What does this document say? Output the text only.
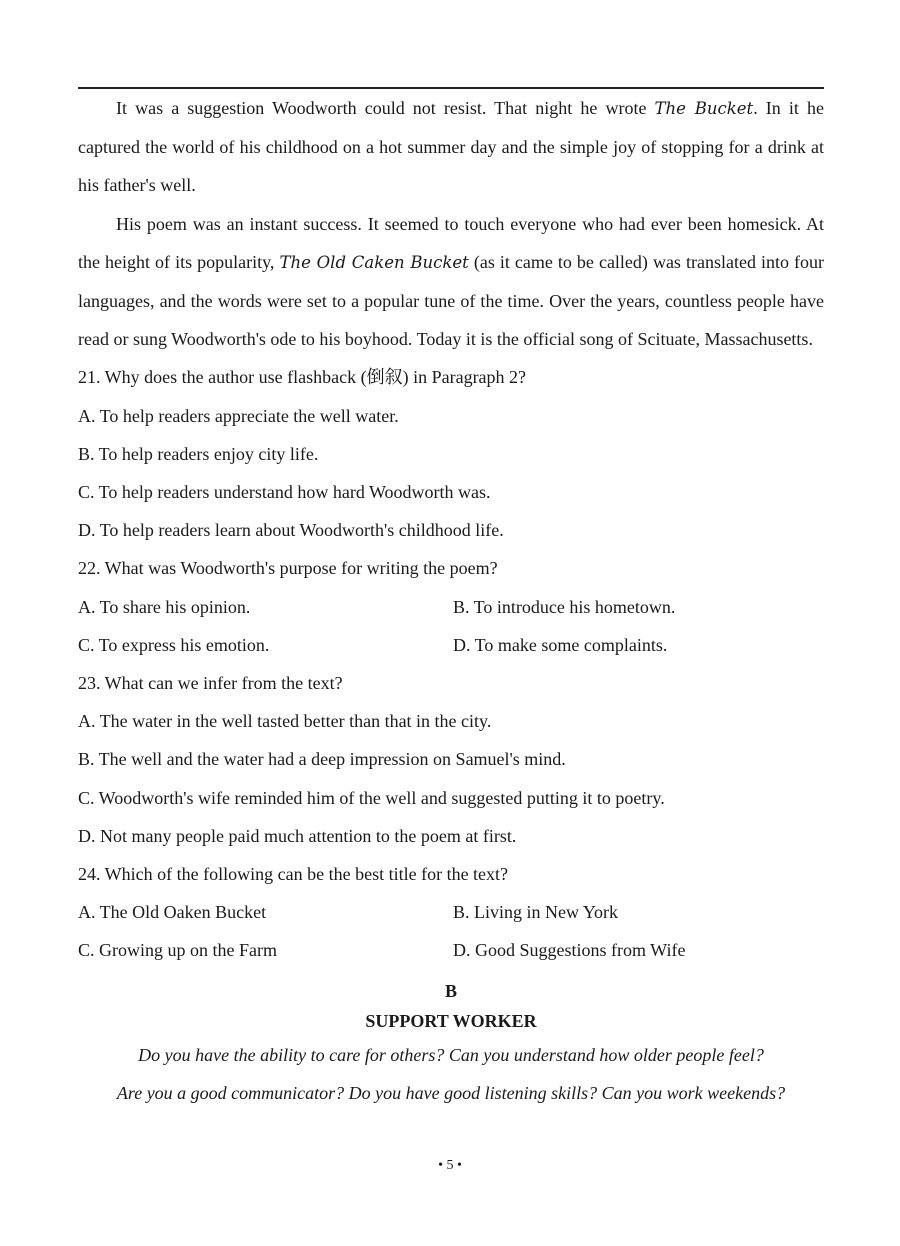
It was a suggestion Woodworth could not resist. That night he wrote The Bucket. In it he captured the world of his childhood on a hot summer day and the simple joy of stopping for a drink at his father's well.

His poem was an instant success. It seemed to touch everyone who had ever been homesick. At the height of its popularity, The Old Caken Bucket (as it came to be called) was translated into four languages, and the words were set to a popular tune of the time. Over the years, countless people have read or sung Woodworth's ode to his boyhood. Today it is the official song of Scituate, Massachusetts.

21. Why does the author use flashback (倒叙) in Paragraph 2?

A. To help readers appreciate the well water.

B. To help readers enjoy city life.

C. To help readers understand how hard Woodworth was.

D. To help readers learn about Woodworth's childhood life.

22. What was Woodworth's purpose for writing the poem?

A. To share his opinion.	B. To introduce his hometown.
C. To express his emotion.	D. To make some complaints.

23. What can we infer from the text?

A. The water in the well tasted better than that in the city.

B. The well and the water had a deep impression on Samuel's mind.

C. Woodworth's wife reminded him of the well and suggested putting it to poetry.

D. Not many people paid much attention to the poem at first.

24. Which of the following can be the best title for the text?

A. The Old Oaken Bucket	B. Living in New York
C. Growing up on the Farm	D. Good Suggestions from Wife

B

SUPPORT WORKER

Do you have the ability to care for others? Can you understand how older people feel?

Are you a good communicator? Do you have good listening skills? Can you work weekends?

• 5 •
